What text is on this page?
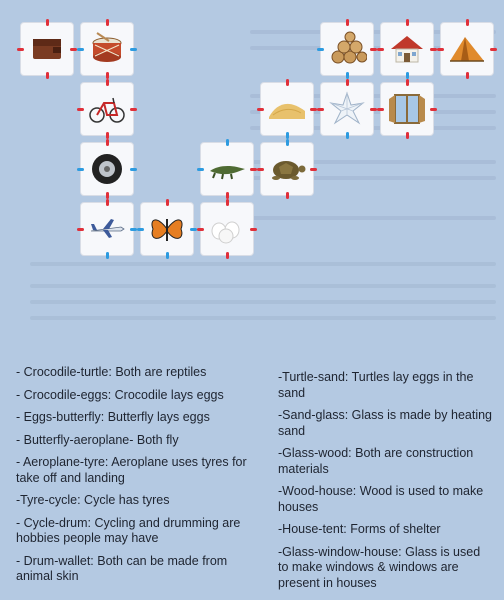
- Crocodile-turtle: Both are reptiles
- Crocodile-eggs: Crocodile lays eggs
- Eggs-butterfly: Butterfly lays eggs
- Butterfly-aeroplane- Both fly
- Aeroplane-tyre: Aeroplane uses tyres for take off and landing
-Tyre-cycle: Cycle has tyres
- Cycle-drum: Cycling and drumming are hobbies people may have
- Drum-wallet: Both can be made from animal skin
-Turtle-sand: Turtles lay eggs in the sand
-Sand-glass: Glass is made by heating sand
-Glass-wood: Both are construction materials
-Wood-house: Wood is used to make houses
-House-tent: Forms of shelter
-Glass-window-house: Glass is used to make windows & windows are present in houses
